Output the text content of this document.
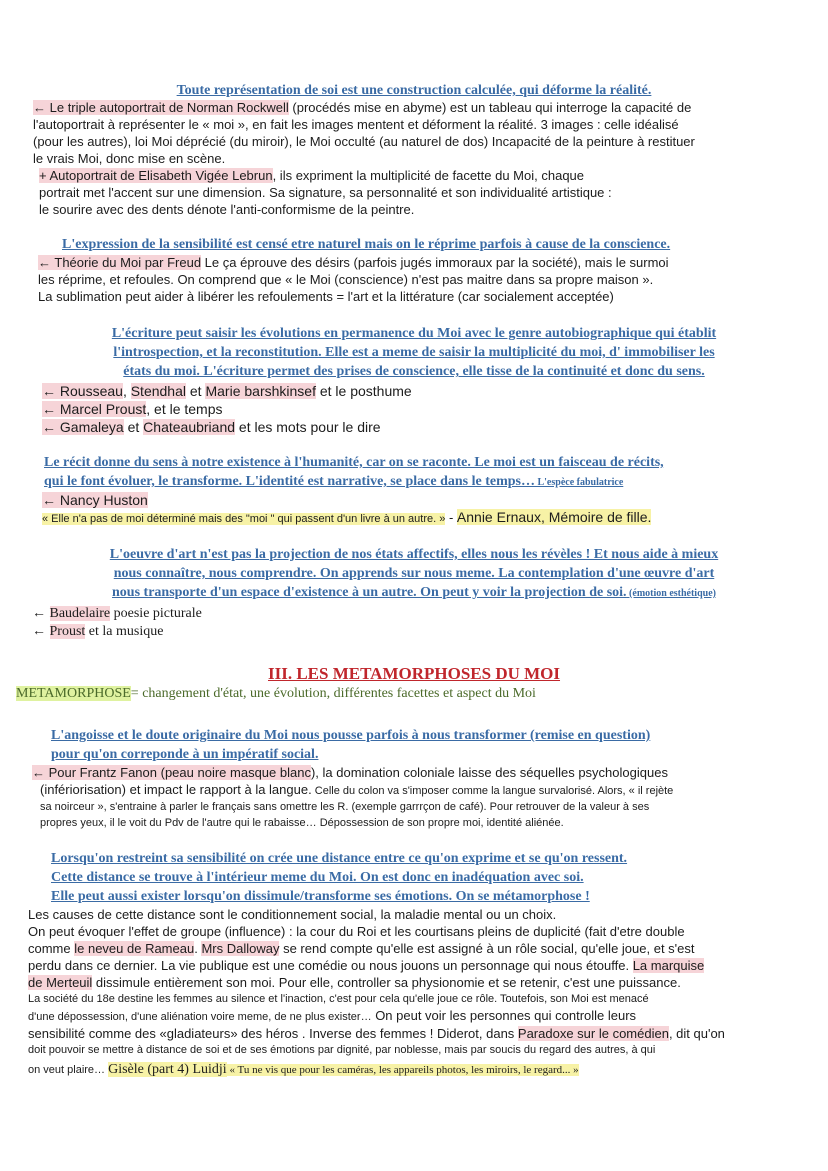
Toute représentation de soi est une construction calculée, qui déforme la réalité.
← Le triple autoportrait de Norman Rockwell (procédés mise en abyme) est un tableau qui interroge la capacité de
l'autoportrait à représenter le « moi », en fait les images mentent et déforment la réalité. 3 images : celle idéalisé
(pour les autres), loi Moi déprécié (du miroir), le Moi occulté (au naturel de dos) Incapacité de la peinture à restituer
le vrais Moi, donc mise en scène.
+ Autoportrait de Elisabeth Vigée Lebrun, ils expriment la multiplicité de facette du Moi, chaque
portrait met l'accent sur une dimension. Sa signature, sa personnalité et son individualité artistique :
le sourire avec des dents dénote l'anti-conformisme de la peintre.
L'expression de la sensibilité est censé etre naturel mais on le réprime parfois à cause de la conscience.
← Théorie du Moi par Freud Le ça éprouve des désirs (parfois jugés immoraux par la société), mais le surmoi
les réprime, et refoules. On comprend que « le Moi (conscience) n'est pas maitre dans sa propre maison ».
La sublimation peut aider à libérer les refoulements = l'art et la littérature (car socialement acceptée)
L'écriture peut saisir les évolutions en permanence du Moi avec le genre autobiographique qui établit
l'introspection, et la reconstitution. Elle est a meme de saisir la multiplicité du moi, d' immobiliser les
états du moi. L'écriture permet des prises de conscience, elle tisse de la continuité et donc du sens.
← Rousseau, Stendhal et Marie barshkinsef et le posthume
← Marcel Proust, et le temps
← Gamaleya et Chateaubriand et les mots pour le dire
Le récit donne du sens à notre existence à l'humanité, car on se raconte. Le moi est un faisceau de récits,
qui le font évoluer, le transforme. L'identité est narrative, se place dans le temps… L'espèce fabulatrice
← Nancy Huston
« Elle n'a pas de moi déterminé mais des "moi " qui passent d'un livre à un autre. » - Annie Ernaux, Mémoire de fille.
L'oeuvre d'art n'est pas la projection de nos états affectifs, elles nous les révèles ! Et nous aide à mieux
nous connaître, nous comprendre. On apprends sur nous meme. La contemplation d'une œuvre d'art
nous transporte d'un espace d'existence à un autre. On peut y voir la projection de soi. (émotion esthétique)
← Baudelaire poesie picturale
← Proust et la musique
III. LES METAMORPHOSES DU MOI
METAMORPHOSE= changement d'état, une évolution, différentes facettes et aspect du Moi
L'angoisse et le doute originaire du Moi nous pousse parfois à nous transformer (remise en question)
pour qu'on correponde à un impératif social.
← Pour Frantz Fanon (peau noire masque blanc), la domination coloniale laisse des séquelles psychologiques
(infériorisation) et impact le rapport à la langue. Celle du colon va s'imposer comme la langue survalorisé. Alors, « il rejète
sa noirceur », s'entraine à parler le français sans omettre les R. (exemple garrrçon de café). Pour retrouver de la valeur à ses
propres yeux, il le voit du Pdv de l'autre qui le rabaisse… Dépossession de son propre moi, identité aliénée.
Lorsqu'on restreint sa sensibilité on crée une distance entre ce qu'on exprime et se qu'on ressent.
Cette distance se trouve à l'intérieur meme du Moi. On est donc en inadéquation avec soi.
Elle peut aussi exister lorsqu'on dissimule/transforme ses émotions. On se métamorphose !
Les causes de cette distance sont le conditionnement social, la maladie mental ou un choix.
On peut évoquer l'effet de groupe (influence) : la cour du Roi et les courtisans pleins de duplicité (fait d'etre double
comme le neveu de Rameau. Mrs Dalloway se rend compte qu'elle est assigné à un rôle social, qu'elle joue, et s'est
perdu dans ce dernier. La vie publique est une comédie ou nous jouons un personnage qui nous étouffe. La marquise
de Merteuil dissimule entièrement son moi. Pour elle, controller sa physionomie et se retenir, c'est une puissance.
La société du 18e destine les femmes au silence et l'inaction, c'est pour cela qu'elle joue ce rôle. Toutefois, son Moi est menacé
d'une dépossession, d'une aliénation voire meme, de ne plus exister… On peut voir les personnes qui controlle leurs
sensibilité comme des «gladiateurs» des héros . Inverse des femmes ! Diderot, dans Paradoxe sur le comédien, dit qu'on
doit pouvoir se mettre à distance de soi et de ses émotions par dignité, par noblesse, mais par soucis du regard des autres, à qui
on veut plaire… Gisèle (part 4) Luidji « Tu ne vis que pour les caméras, les appareils photos, les miroirs, le regard... »
